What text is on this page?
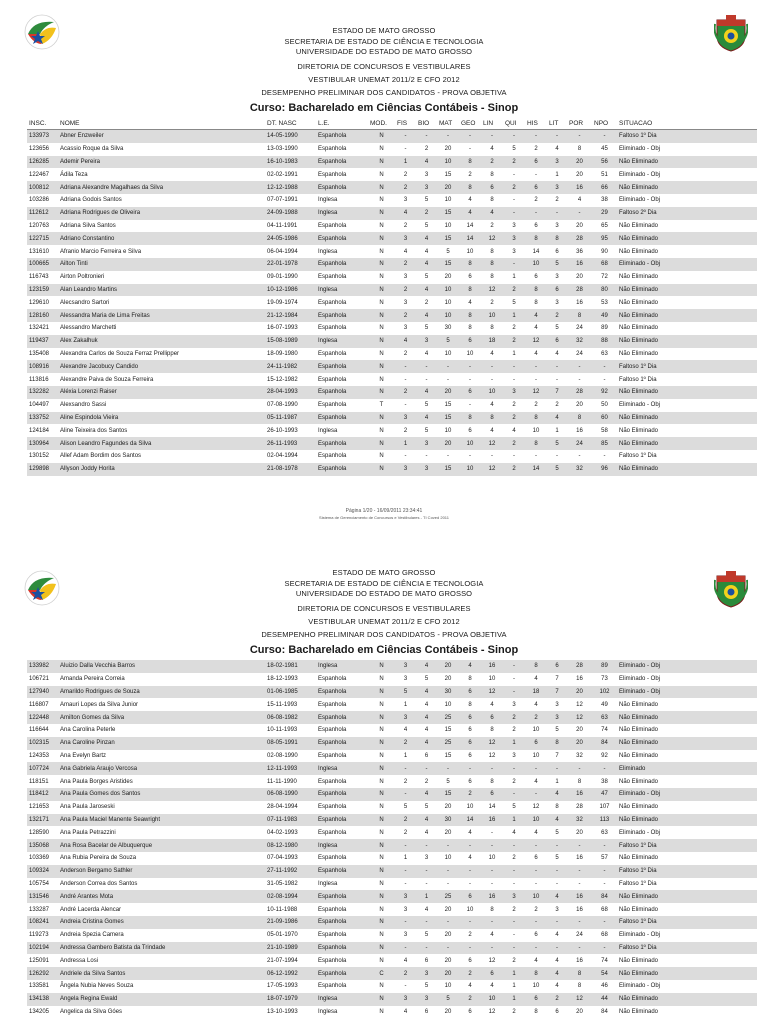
ESTADO DE MATO GROSSO
SECRETARIA DE ESTADO DE CIÊNCIA E TECNOLOGIA
UNIVERSIDADE DO ESTADO DE MATO GROSSO
DIRETORIA DE CONCURSOS E VESTIBULARES
VESTIBULAR UNEMAT 2011/2 E CFO 2012
DESEMPENHO PRELIMINAR DOS CANDIDATOS - PROVA OBJETIVA
Curso: Bacharelado em Ciências Contábeis - Sinop
INSC.	NOME	DT. NASC	L.E.	MOD.	FIS	BIO	MAT	GEO	LIN	QUI	HIS	LIT	POR	NPO	SITUACAO
133973	Abner Enzweiler	14-05-1990	Espanhola	N	-	-	-	-	-	-	-	-	-	-	Faltoso 1º Dia
123656	Acassio Roque da Silva	13-03-1990	Espanhola	N	-	2	20	-	4	5	2	4	8	45	Eliminado - Obj
126285	Ademir Pereira	16-10-1983	Espanhola	N	1	4	10	8	2	2	6	3	20	56	Não Eliminado
122467	Ádila Teza	02-02-1991	Espanhola	N	2	3	15	2	8	-	-	1	20	51	Eliminado - Obj
100812	Adriana Alexandre Magalhaes da Silva	12-12-1988	Espanhola	N	2	3	20	8	6	2	6	3	16	66	Não Eliminado
103286	Adriana Godois Santos	07-07-1991	Inglesa	N	3	5	10	4	8	-	2	2	4	38	Eliminado - Obj
112612	Adriana Rodrigues de Oliveira	24-09-1988	Inglesa	N	4	2	15	4	4	-	-	-	-	29	Faltoso 2º Dia
120763	Adriana Silva Santos	04-11-1991	Espanhola	N	2	5	10	14	2	3	6	3	20	65	Não Eliminado
122715	Adriano Constantino	24-05-1986	Espanhola	N	3	4	15	14	12	3	8	8	28	95	Não Eliminado
131610	Afranio Marcio Ferreira e Silva	06-04-1994	Inglesa	N	4	4	5	10	8	3	14	6	36	90	Não Eliminado
100665	Ailton Tinti	22-01-1978	Espanhola	N	2	4	15	8	8	-	10	5	16	68	Eliminado - Obj
116743	Airton Poltronieri	09-01-1990	Espanhola	N	3	5	20	6	8	1	6	3	20	72	Não Eliminado
123159	Alan Leandro Martins	10-12-1986	Inglesa	N	2	4	10	8	12	2	8	6	28	80	Não Eliminado
129610	Alecsandro Sartori	19-09-1974	Espanhola	N	3	2	10	4	2	5	8	3	16	53	Não Eliminado
128160	Alessandra Maria de Lima Freitas	21-12-1984	Espanhola	N	2	4	10	8	10	1	4	2	8	49	Não Eliminado
132421	Alessandro Marchetti	16-07-1993	Espanhola	N	3	5	30	8	8	2	4	5	24	89	Não Eliminado
119437	Alex Zakalhuk	15-08-1989	Inglesa	N	4	3	5	6	18	2	12	6	32	88	Não Eliminado
135408	Alexandra Carlos de Souza Ferraz Prellipper	18-09-1980	Espanhola	N	2	4	10	10	4	1	4	4	24	63	Não Eliminado
108916	Alexandre Jacobucy Candido	24-11-1982	Espanhola	N	-	-	-	-	-	-	-	-	-	-	Faltoso 1º Dia
113816	Alexandre Paiva de Souza Ferreira	15-12-1982	Espanhola	N	-	-	-	-	-	-	-	-	-	-	Faltoso 1º Dia
132282	Aléxia Lorenzi Raiser	28-04-1993	Espanhola	N	2	4	20	6	10	3	12	7	28	92	Não Eliminado
104497	Alexsandro Sassi	07-08-1990	Espanhola	T	-	5	15	-	4	2	2	2	20	50	Eliminado - Obj
133752	Aline Espindola Vieira	05-11-1987	Espanhola	N	3	4	15	8	8	2	8	4	8	60	Não Eliminado
124184	Aline Teixeira dos Santos	26-10-1993	Inglesa	N	2	5	10	6	4	4	10	1	16	58	Não Eliminado
130964	Alison Leandro Fagundes da Silva	26-11-1993	Espanhola	N	1	3	20	10	12	2	8	5	24	85	Não Eliminado
130152	Allef Adam Bordim dos Santos	02-04-1994	Espanhola	N	-	-	-	-	-	-	-	-	-	-	Faltoso 1º Dia
129898	Allyson Joddy Horita	21-08-1978	Espanhola	N	3	3	15	10	12	2	14	5	32	96	Não Eliminado
Página 1/20 - 16/09/2011 23:34:41
Sistema de Gerenciamento de Concursos e Vestibulares - TI Coved 2011
ESTADO DE MATO GROSSO
SECRETARIA DE ESTADO DE CIÊNCIA E TECNOLOGIA
UNIVERSIDADE DO ESTADO DE MATO GROSSO
DIRETORIA DE CONCURSOS E VESTIBULARES
VESTIBULAR UNEMAT 2011/2 E CFO 2012
DESEMPENHO PRELIMINAR DOS CANDIDATOS - PROVA OBJETIVA
Curso: Bacharelado em Ciências Contábeis - Sinop
133982	Aluizio Dalla Vecchia Barros	18-02-1981	Inglesa	N	3	4	20	4	16	-	8	6	28	89	Eliminado - Obj
106721	Amanda Pereira Correia	18-12-1993	Espanhola	N	3	5	20	8	10	-	4	7	16	73	Eliminado - Obj
127940	Amarildo Rodrigues de Souza	01-06-1985	Espanhola	N	5	4	30	6	12	-	18	7	20	102	Eliminado - Obj
116807	Amauri Lopes da Silva Junior	15-11-1993	Espanhola	N	1	4	10	8	4	3	4	3	12	49	Não Eliminado
122448	Amilton Gomes da Silva	06-08-1982	Espanhola	N	3	4	25	6	6	2	2	3	12	63	Não Eliminado
116644	Ana Carolina Peterle	10-11-1993	Espanhola	N	4	4	15	6	8	2	10	5	20	74	Não Eliminado
102315	Ana Caroline Pinzan	08-05-1991	Espanhola	N	2	4	25	6	12	1	6	8	20	84	Não Eliminado
124353	Ana Evelyn Bartz	02-08-1990	Espanhola	N	1	6	15	6	12	3	10	7	32	92	Não Eliminado
107724	Ana Gabriela Araujo Vercosa	12-11-1993	Inglesa	N	-	-	-	-	-	-	-	-	-	-	Eliminado
118151	Ana Paula Borges Aristides	11-11-1990	Espanhola	N	2	2	5	6	8	2	4	1	8	38	Não Eliminado
118412	Ana Paula Gomes dos Santos	06-08-1990	Espanhola	N	-	4	15	2	6	-	-	4	16	47	Eliminado - Obj
121653	Ana Paula Jaroseski	28-04-1994	Espanhola	N	5	5	20	10	14	5	12	8	28	107	Não Eliminado
132171	Ana Paula Maciel Manente Seawright	07-11-1983	Espanhola	N	2	4	30	14	16	1	10	4	32	113	Não Eliminado
128590	Ana Paula Petrazzini	04-02-1993	Espanhola	N	2	4	20	4	-	4	4	5	20	63	Eliminado - Obj
135068	Ana Rosa Bacelar de Albuquerque	08-12-1980	Inglesa	N	-	-	-	-	-	-	-	-	-	-	Faltoso 1º Dia
103369	Ana Rubia Pereira de Souza	07-04-1993	Espanhola	N	1	3	10	4	10	2	6	5	16	57	Não Eliminado
109324	Anderson Bergamo Sathler	27-11-1992	Espanhola	N	-	-	-	-	-	-	-	-	-	-	Faltoso 1º Dia
105754	Anderson Correa dos Santos	31-05-1982	Inglesa	N	-	-	-	-	-	-	-	-	-	-	Faltoso 1º Dia
131546	André Arantes Mota	02-08-1994	Espanhola	N	3	1	25	6	16	3	10	4	16	84	Não Eliminado
133287	André Lacerda Alencar	10-11-1988	Espanhola	N	3	4	20	10	8	2	2	3	16	68	Não Eliminado
108241	Andreia Cristina Gomes	21-09-1986	Espanhola	N	-	-	-	-	-	-	-	-	-	-	Faltoso 1º Dia
119273	Andreia Spezia Camera	05-01-1970	Espanhola	N	3	5	20	2	4	-	6	4	24	68	Eliminado - Obj
102194	Andressa Gambero Batista da Trindade	21-10-1989	Espanhola	N	-	-	-	-	-	-	-	-	-	-	Faltoso 1º Dia
125091	Andressa Losi	21-07-1994	Espanhola	N	4	6	20	6	12	2	4	4	16	74	Não Eliminado
126292	Andriele da Silva Santos	06-12-1992	Espanhola	C	2	3	20	2	6	1	8	4	8	54	Não Eliminado
133581	Ângela Nubia Neves Souza	17-05-1993	Espanhola	N	-	5	10	4	4	1	10	4	8	46	Eliminado - Obj
134138	Angela Regina Ewald	18-07-1979	Inglesa	N	3	3	5	2	10	1	6	2	12	44	Não Eliminado
134205	Angelica da Silva Góes	13-10-1993	Inglesa	N	4	6	20	6	12	2	8	6	20	84	Não Eliminado
